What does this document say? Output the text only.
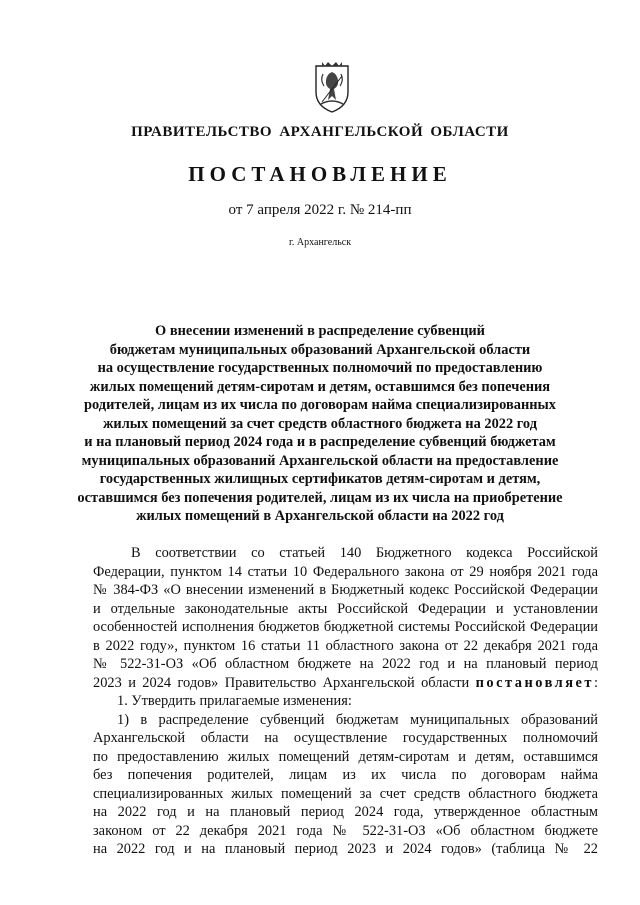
ПРАВИТЕЛЬСТВО АРХАНГЕЛЬСКОЙ ОБЛАСТИ
ПОСТАНОВЛЕНИЕ
от 7 апреля 2022 г. № 214-пп
г. Архангельск
О внесении изменений в распределение субвенций
бюджетам муниципальных образований Архангельской области
на осуществление государственных полномочий по предоставлению
жилых помещений детям-сиротам и детям, оставшимся без попечения
родителей, лицам из их числа по договорам найма специализированных
жилых помещений за счет средств областного бюджета на 2022 год
и на плановый период 2024 года и в распределение субвенций бюджетам
муниципальных образований Архангельской области на предоставление
государственных жилищных сертификатов детям-сиротам и детям,
оставшимся без попечения родителей, лицам из их числа на приобретение
жилых помещений в Архангельской области на 2022 год
В соответствии со статьей 140 Бюджетного кодекса Российской
Федерации, пунктом 14 статьи 10 Федерального закона от 29 ноября 2021 года
№ 384-ФЗ «О внесении изменений в Бюджетный кодекс Российской Федерации
и отдельные законодательные акты Российской Федерации и установлении
особенностей исполнения бюджетов бюджетной системы Российской Федерации
в 2022 году», пунктом 16 статьи 11 областного закона от 22 декабря 2021 года
№ 522-31-ОЗ «Об областном бюджете на 2022 год и на плановый период
2023 и 2024 годов» Правительство Архангельской области постановляет:
1. Утвердить прилагаемые изменения:
1) в распределение субвенций бюджетам муниципальных образований
Архангельской области на осуществление государственных полномочий
по предоставлению жилых помещений детям-сиротам и детям, оставшимся
без попечения родителей, лицам из их числа по договорам найма
специализированных жилых помещений за счет средств областного бюджета
на 2022 год и на плановый период 2024 года, утвержденное областным
законом от 22 декабря 2021 года № 522-31-ОЗ «Об областном бюджете
на 2022 год и на плановый период 2023 и 2024 годов» (таблица № 22
